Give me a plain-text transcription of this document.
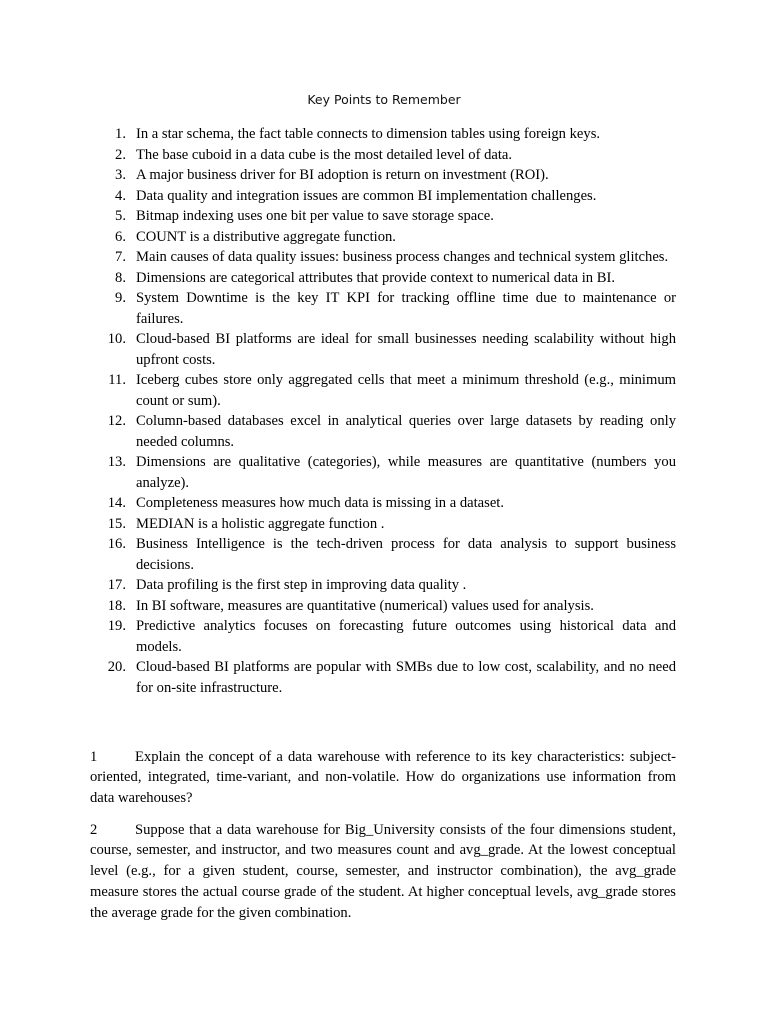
Key Points to Remember
1. In a star schema, the fact table connects to dimension tables using foreign keys.
2. The base cuboid in a data cube is the most detailed level of data.
3. A major business driver for BI adoption is return on investment (ROI).
4. Data quality and integration issues are common BI implementation challenges.
5. Bitmap indexing uses one bit per value to save storage space.
6. COUNT is a distributive aggregate function.
7. Main causes of data quality issues: business process changes and technical system glitches.
8. Dimensions are categorical attributes that provide context to numerical data in BI.
9. System Downtime is the key IT KPI for tracking offline time due to maintenance or failures.
10. Cloud-based BI platforms are ideal for small businesses needing scalability without high upfront costs.
11. Iceberg cubes store only aggregated cells that meet a minimum threshold (e.g., minimum count or sum).
12. Column-based databases excel in analytical queries over large datasets by reading only needed columns.
13. Dimensions are qualitative (categories), while measures are quantitative (numbers you analyze).
14. Completeness measures how much data is missing in a dataset.
15. MEDIAN is a holistic aggregate function .
16. Business Intelligence is the tech-driven process for data analysis to support business decisions.
17. Data profiling is the first step in improving data quality .
18. In BI software, measures are quantitative (numerical) values used for analysis.
19. Predictive analytics focuses on forecasting future outcomes using historical data and models.
20. Cloud-based BI platforms are popular with SMBs due to low cost, scalability, and no need for on-site infrastructure.

1	Explain the concept of a data warehouse with reference to its key characteristics: subject-oriented, integrated, time-variant, and non-volatile. How do organizations use information from data warehouses?

2	Suppose that a data warehouse for Big_University consists of the four dimensions student, course, semester, and instructor, and two measures count and avg_grade. At the lowest conceptual level (e.g., for a given student, course, semester, and instructor combination), the avg_grade measure stores the actual course grade of the student. At higher conceptual levels, avg_grade stores the average grade for the given combination.
